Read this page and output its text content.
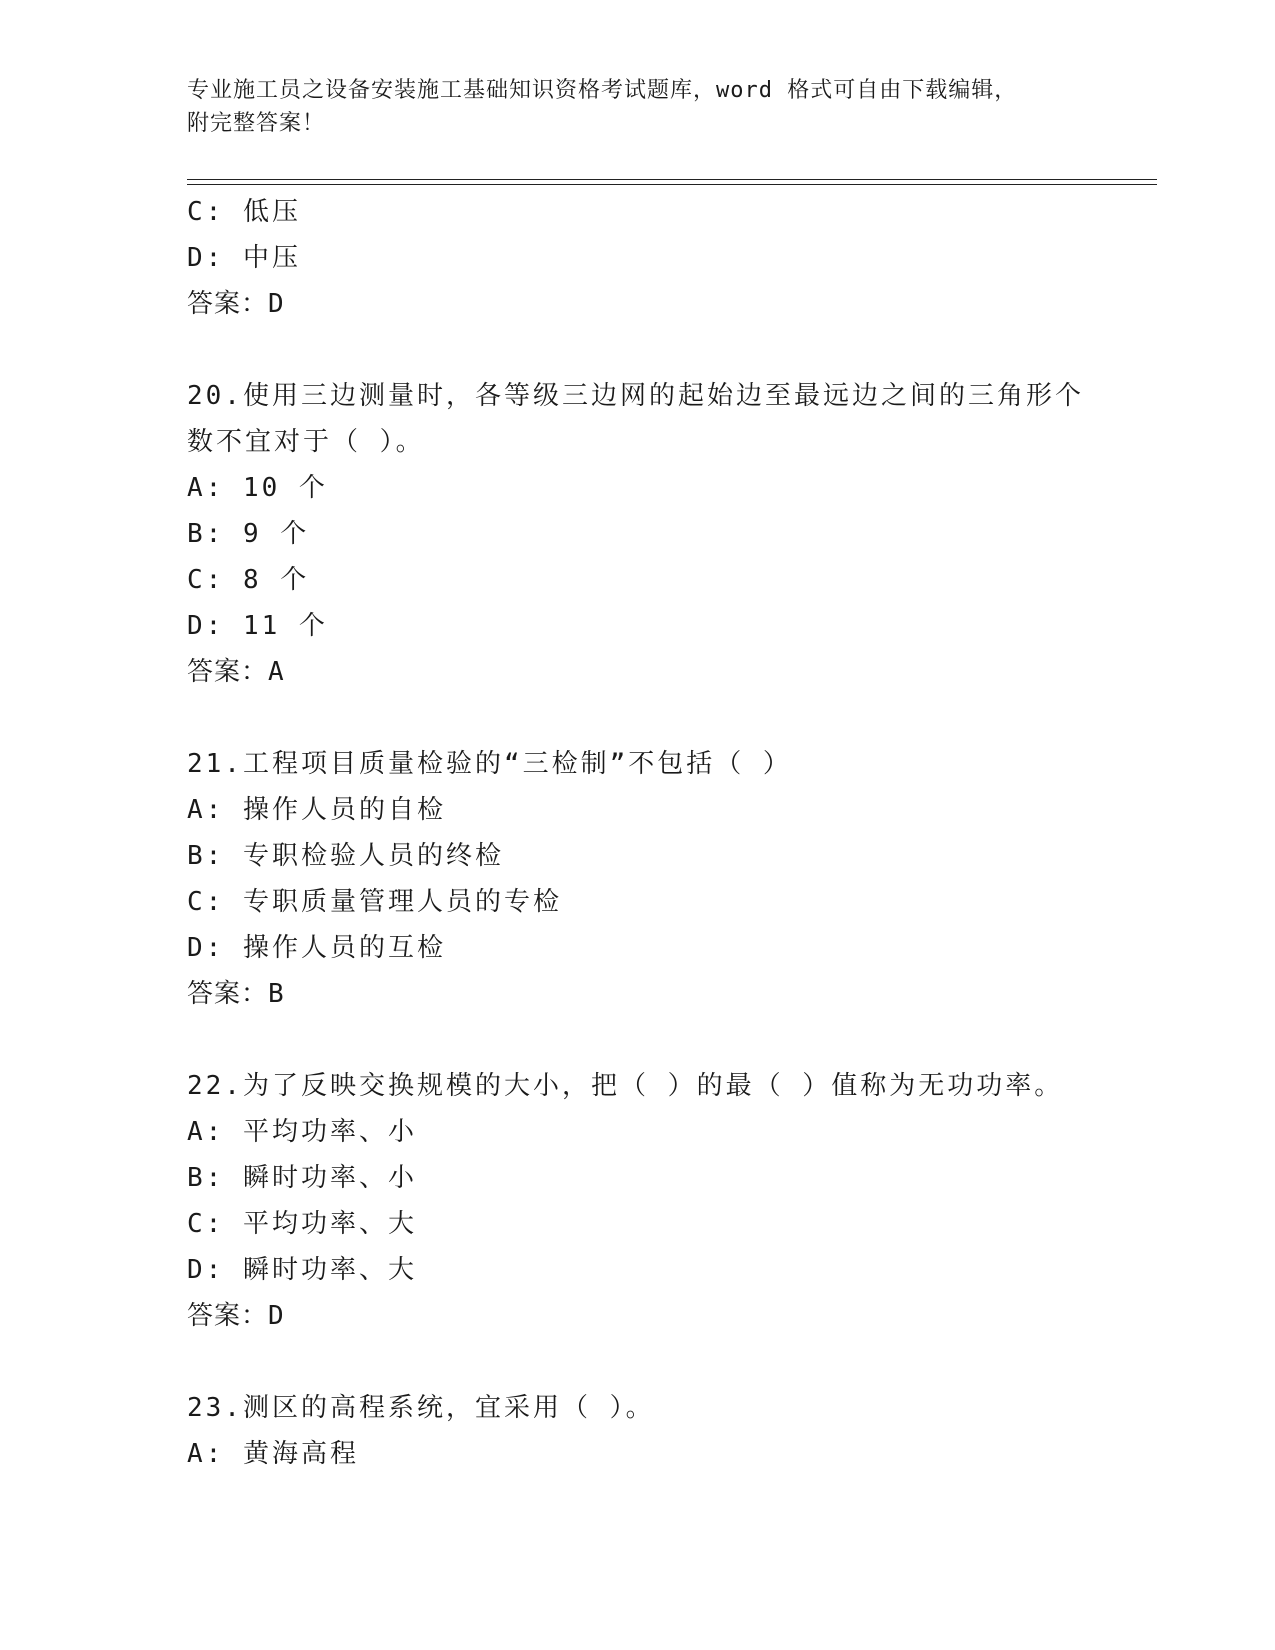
专业施工员之设备安装施工基础知识资格考试题库，word 格式可自由下载编辑，
附完整答案！
C: 低压
D: 中压
答案：D
20.使用三边测量时，各等级三边网的起始边至最远边之间的三角形个
数不宜对于（ ）。
A: 10 个
B: 9 个
C: 8 个
D: 11 个
答案：A
21.工程项目质量检验的“三检制”不包括（ ）
A: 操作人员的自检
B: 专职检验人员的终检
C: 专职质量管理人员的专检
D: 操作人员的互检
答案：B
22.为了反映交换规模的大小，把（ ）的最（ ）值称为无功功率。
A: 平均功率、小
B: 瞬时功率、小
C: 平均功率、大
D: 瞬时功率、大
答案：D
23.测区的高程系统，宜采用（ ）。
A: 黄海高程
